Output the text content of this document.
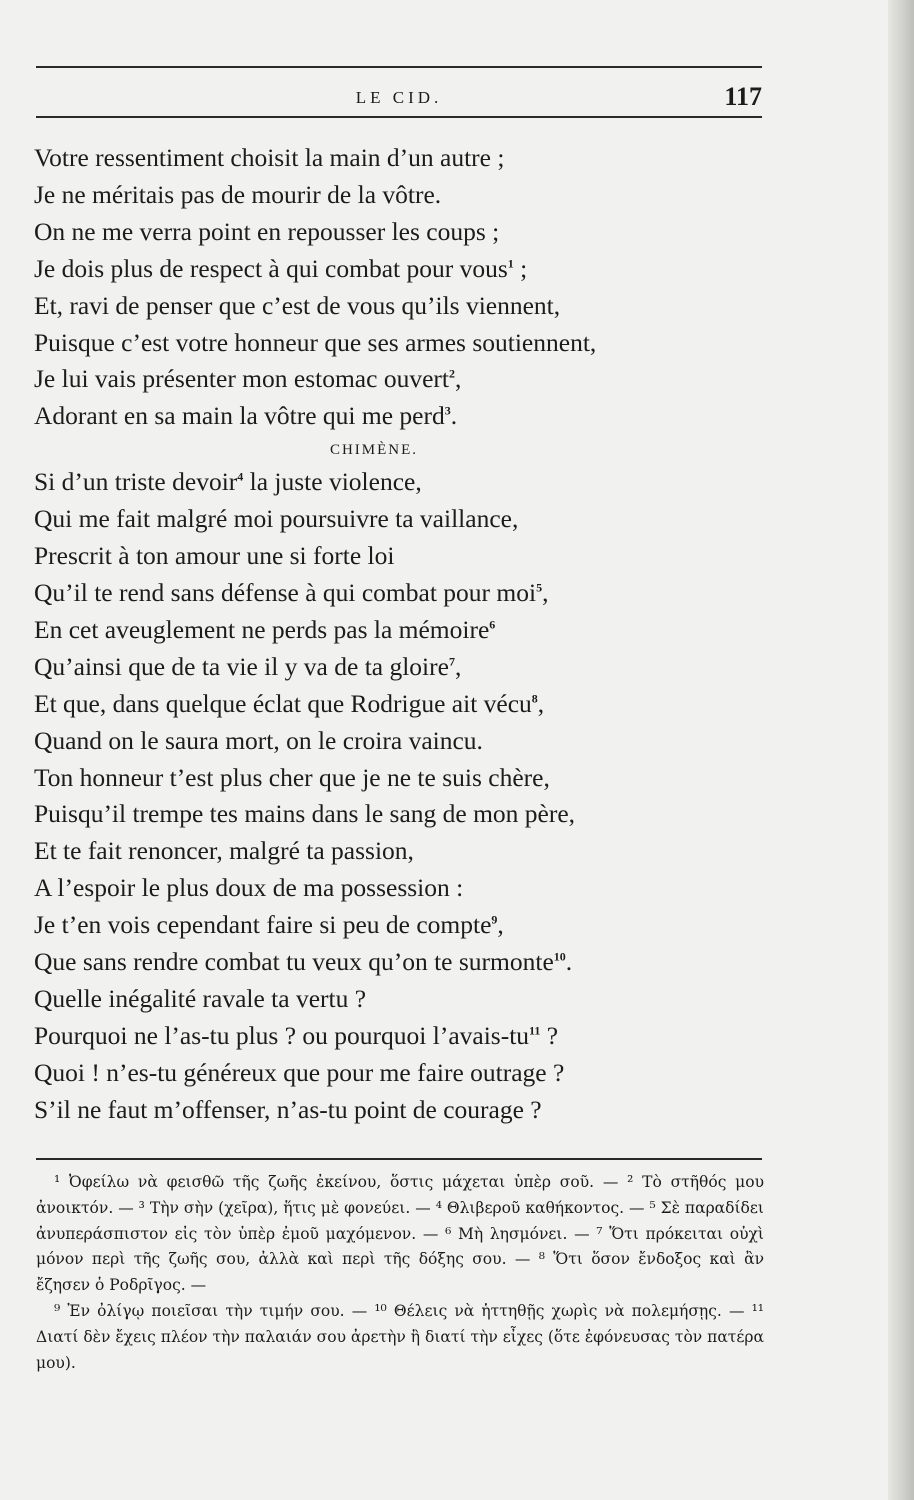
LE CID.	117
Votre ressentiment choisit la main d’un autre ;
Je ne méritais pas de mourir de la vôtre.
On ne me verra point en repousser les coups ;
Je dois plus de respect à qui combat pour vous$^1$ ;
Et, ravi de penser que c’est de vous qu’ils viennent,
Puisque c’est votre honneur que ses armes soutiennent,
Je lui vais présenter mon estomac ouvert$^2$,
Adorant en sa main la vôtre qui me perd$^3$.
CHIMÈNE.
Si d’un triste devoir$^4$ la juste violence,
Qui me fait malgré moi poursuivre ta vaillance,
Prescrit à ton amour une si forte loi
Qu’il te rend sans défense à qui combat pour moi$^5$,
En cet aveuglement ne perds pas la mémoire$^6$
Qu’ainsi que de ta vie il y va de ta gloire$^7$,
Et que, dans quelque éclat que Rodrigue ait vécu$^8$,
Quand on le saura mort, on le croira vaincu.
Ton honneur t’est plus cher que je ne te suis chère,
Puisqu’il trempe tes mains dans le sang de mon père,
Et te fait renoncer, malgré ta passion,
A l’espoir le plus doux de ma possession :
Je t’en vois cependant faire si peu de compte$^9$,
Que sans rendre combat tu veux qu’on te surmonte$^{10}$.
Quelle inégalité ravale ta vertu ?
Pourquoi ne l’as-tu plus ? ou pourquoi $l’avais-tu^{11}$ ?
Quoi ! n’es-tu généreux que pour me faire outrage ?
S’il ne faut m’offenser, n’as-tu point de courage ?

¹ Ὀφείλω νὰ φεισθῶ τῆς ζωῆς ἐκείνου, ὅστις μάχεται ὑπὲρ σοῦ. — ² Τὸ στῆθός μου ἀνοικτόν. — ³ Τὴν σὴν (χεῖρα), ἥτις μὲ φονεύει. — ⁴ Θλιβεροῦ καθήκοντος. — ⁵ Σὲ παραδίδει ἀνυπεράσπιστον εἰς τὸν ὑπὲρ ἐμοῦ μαχόμενον. — ⁶ Μὴ λησμόνει. — ⁷ Ὅτι πρόκειται οὐχὶ μόνον περὶ τῆς ζωῆς σου, ἀλλὰ καὶ περὶ τῆς δόξης σου. — ⁸ Ὅτι ὅσον ἔνδοξος καὶ ἂν ἔζησεν ὁ Ροδρῖγος. —

⁹ Ἐν ὀλίγῳ ποιεῖσαι τὴν τιμήν σου. — ¹⁰ Θέλεις νὰ ἡττηθῇς χωρὶς νὰ πολεμήσῃς. — ¹¹ Διατί δὲν ἔχεις πλέον τὴν παλαιάν σου ἀρετὴν ἢ διατί τὴν εἶχες (ὅτε ἐφόνευσας τὸν πατέρα μου).
